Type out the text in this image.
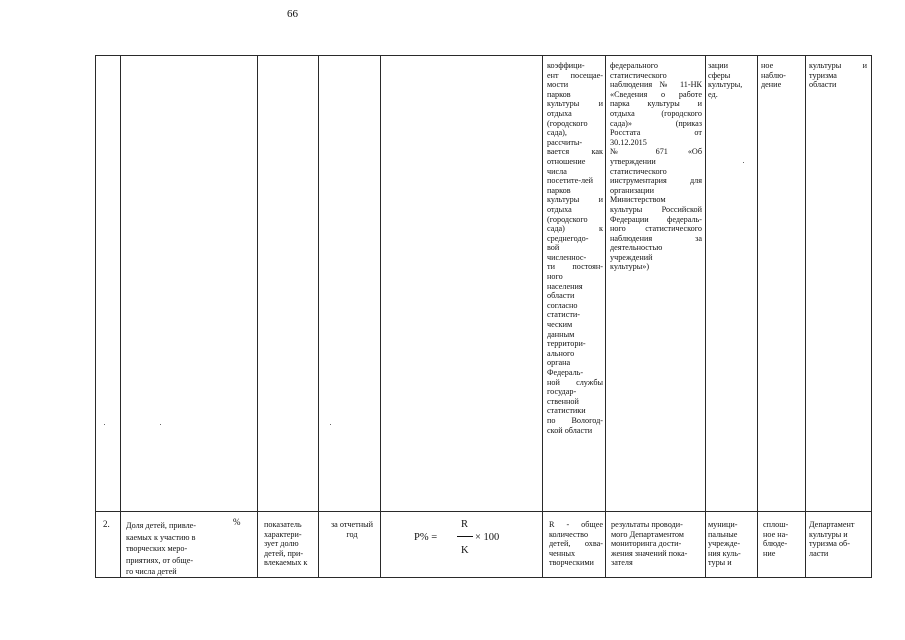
66
коэффици-
ент посещае-
мости
парков
культуры и
отдыха
(городского
сада),
рассчиты-
вается как
отношение
числа
посетите-лей
парков
культуры и
отдыха
(городского
сада) к
среднегодо-
вой
численнос-
ти постоян-
ного
населения
области
согласно
статисти-
ческим
данным
территори-
ального
органа
Федераль-
ной службы
государ-
ственной
статистики
по Вологод-
ской области
федерального
статистического
наблюдения № 11-НК
«Сведения о работе
парка культуры и
отдыха (городского
сада)» (приказ
Росстата от
30.12.2015
№ 671 «Об
утверждении
статистического
инструментария для
организации
Министерством
культуры Российской
Федерации федераль-
ного статистического
наблюдения за
деятельностью
учреждений
культуры»)
зации
сферы
культуры,
ед.
ное
наблю-
дение
культуры и
туризма
области
2. Доля детей, привле-
каемых к участию в
творческих меро-
приятиях, от обще-
го числа детей
%	показатель
характери-
зует долю
детей, при-
влекаемых к
за отчетный
год	P% =
R
K
× 100
R - общее
количество
детей, охва-
ченных
творческими
результаты проводи-
мого Департаментом
мониторинга дости-
жения значений пока-
зателя
муници-
пальные
учрежде-
ния куль-
туры и
сплош-
ное на-
блюде-
ние
Департамент
культуры и
туризма об-
ласти
